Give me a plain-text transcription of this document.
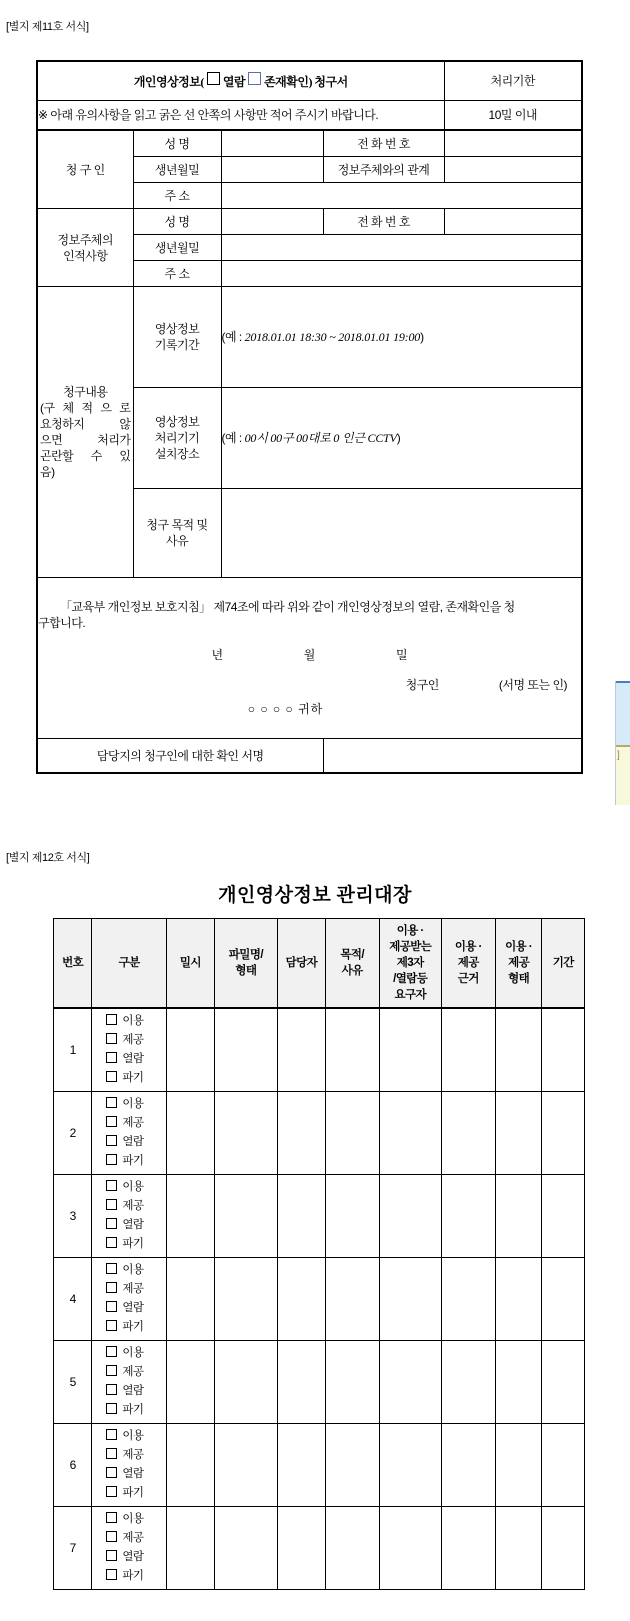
[별지 제11호 서식]
개인영상정보( 열람 존재확인) 청구서				처리기한
※ 아래 유의사항을 읽고 굵은 선 안쪽의 사항만 적어 주시기 바랍니다.				10밀 이내
청 구 인	성 명		전 화 번 호	
	생년월밀		정보주체와의 관계	
	주 소			
정보주체의
인적사항	성 명		전 화 번 호	
	생년월밀			
	주 소			
청구내용
(구 체 적 으 로
요청하지 않
으면 처리가
곤란할 수 있
음)
	영상정보
기록기간	(예 : 2018.01.01 18:30 ~ 2018.01.01 19:00)
	영상정보
처리기기
설치장소	(예 : 00시 00구 00대로 0 인근 CCTV)		
	청구 목적 및
사유			

「교육부 개인정보 보호지침」 제74조에 따라 위와 같이 개인영상정보의 열람, 존재확인을 청
구합니다.
년 월 밀
청구인 (서명 또는 인)
○ ○ ○ ○ 귀하				

담당지의 청구인에 대한 확인 서명					]
[별지 제12호 서식]
개인영상정보 관리대장
번호	구분	밀시	파밀명/
형태	담당자	목적/
사유	이용 ·
제공받는
제3자
/열람등
요구자	이용 ·
제공
근거	이용 ·
제공
형태	기간
1	이용
제공
열람
파기								

2	이용
제공
열람
파기								

3	이용
제공
열람
파기								

4	이용
제공
열람
파기								

5	이용
제공
열람
파기								

6	이용
제공
열람
파기								

7	이용
제공
열람
파기								
